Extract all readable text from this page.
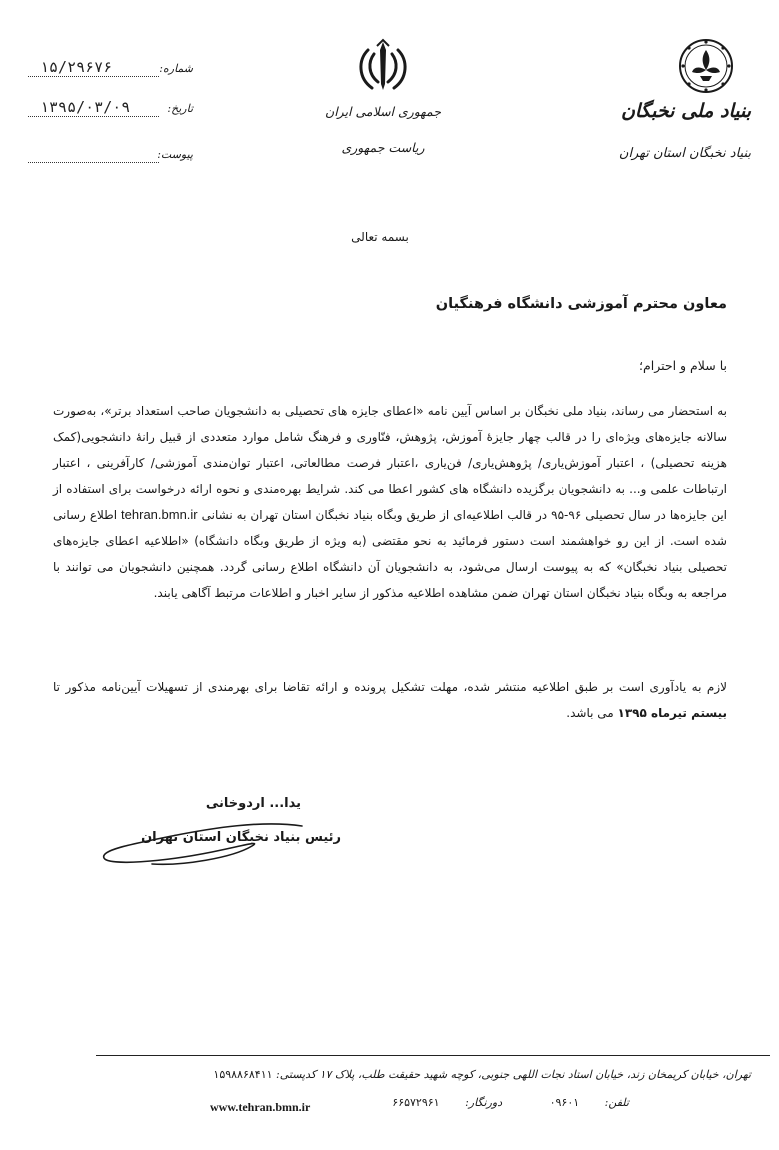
بنیاد ملی نخبگان
بنیاد نخبگان استان تهران
جمهوری اسلامی ایران
ریاست جمهوری
شماره:
۱۵/۲۹۶۷۶
تاریخ:
۱۳۹۵/۰۳/۰۹
پیوست:
بسمه تعالی
معاون محترم آموزشی دانشگاه فرهنگیان
با سلام و احترام؛

به استحضار می رساند، بنیاد ملی نخبگان بر اساس آیین نامه «اعطای جایزه های تحصیلی به دانشجویان صاحب استعداد برتر»، به‌صورت سالانه جایزه‌های ویژه‌ای را در قالب چهار جایزهٔ آموزش، پژوهش، فنّاوری و فرهنگ شامل موارد متعددی از قبیل رانهٔ دانشجویی(کمک هزینه تحصیلی) ، اعتبار آموزش‌یاری/ پژوهش‌یاری/ فن‌یاری ،اعتبار فرصت مطالعاتی، اعتبار توان‌مندی آموزشی/ کارآفرینی ، اعتبار ارتباطات علمی و... به دانشجویان برگزیده دانشگاه های کشور اعطا می کند. شرایط بهره‌مندی و نحوه ارائه درخواست برای استفاده از این جایزه‌ها در سال تحصیلی ۹۶-۹۵ در قالب اطلاعیه‌ای از طریق وبگاه بنیاد نخبگان استان تهران به نشانی tehran.bmn.ir اطلاع رسانی شده است. از این رو خواهشمند است دستور فرمائید به نحو مقتضی (به ویژه از طریق وبگاه دانشگاه) «اطلاعیه اعطای جایزه‌های تحصیلی بنیاد نخبگان» که به پیوست ارسال می‌شود، به دانشجویان آن دانشگاه اطلاع رسانی گردد. همچنین دانشجویان می توانند با مراجعه به وبگاه بنیاد نخبگان استان تهران ضمن مشاهده اطلاعیه مذکور از سایر اخبار و اطلاعات مرتبط آگاهی یابند.

لازم به یادآوری است بر طبق اطلاعیه منتشر شده، مهلت تشکیل پرونده و ارائه تقاضا برای بهرمندی از تسهیلات آیین‌نامه مذکور تا بیستم تیرماه ۱۳۹۵ می باشد.

یدا... اردوخانی
رئیس بنیاد نخبگان استان تهران
تهران، خیابان کریمخان زند، خیابان استاد نجات اللهی جنوبی، کوچه شهید حقیقت طلب، پلاک ۱۷ کدپستی: ۱۵۹۸۸۶۸۴۱۱
تلفن: ۰۹۶۰۱ دورنگار: ۶۶۵۷۲۹۶۱
www.tehran.bmn.ir
